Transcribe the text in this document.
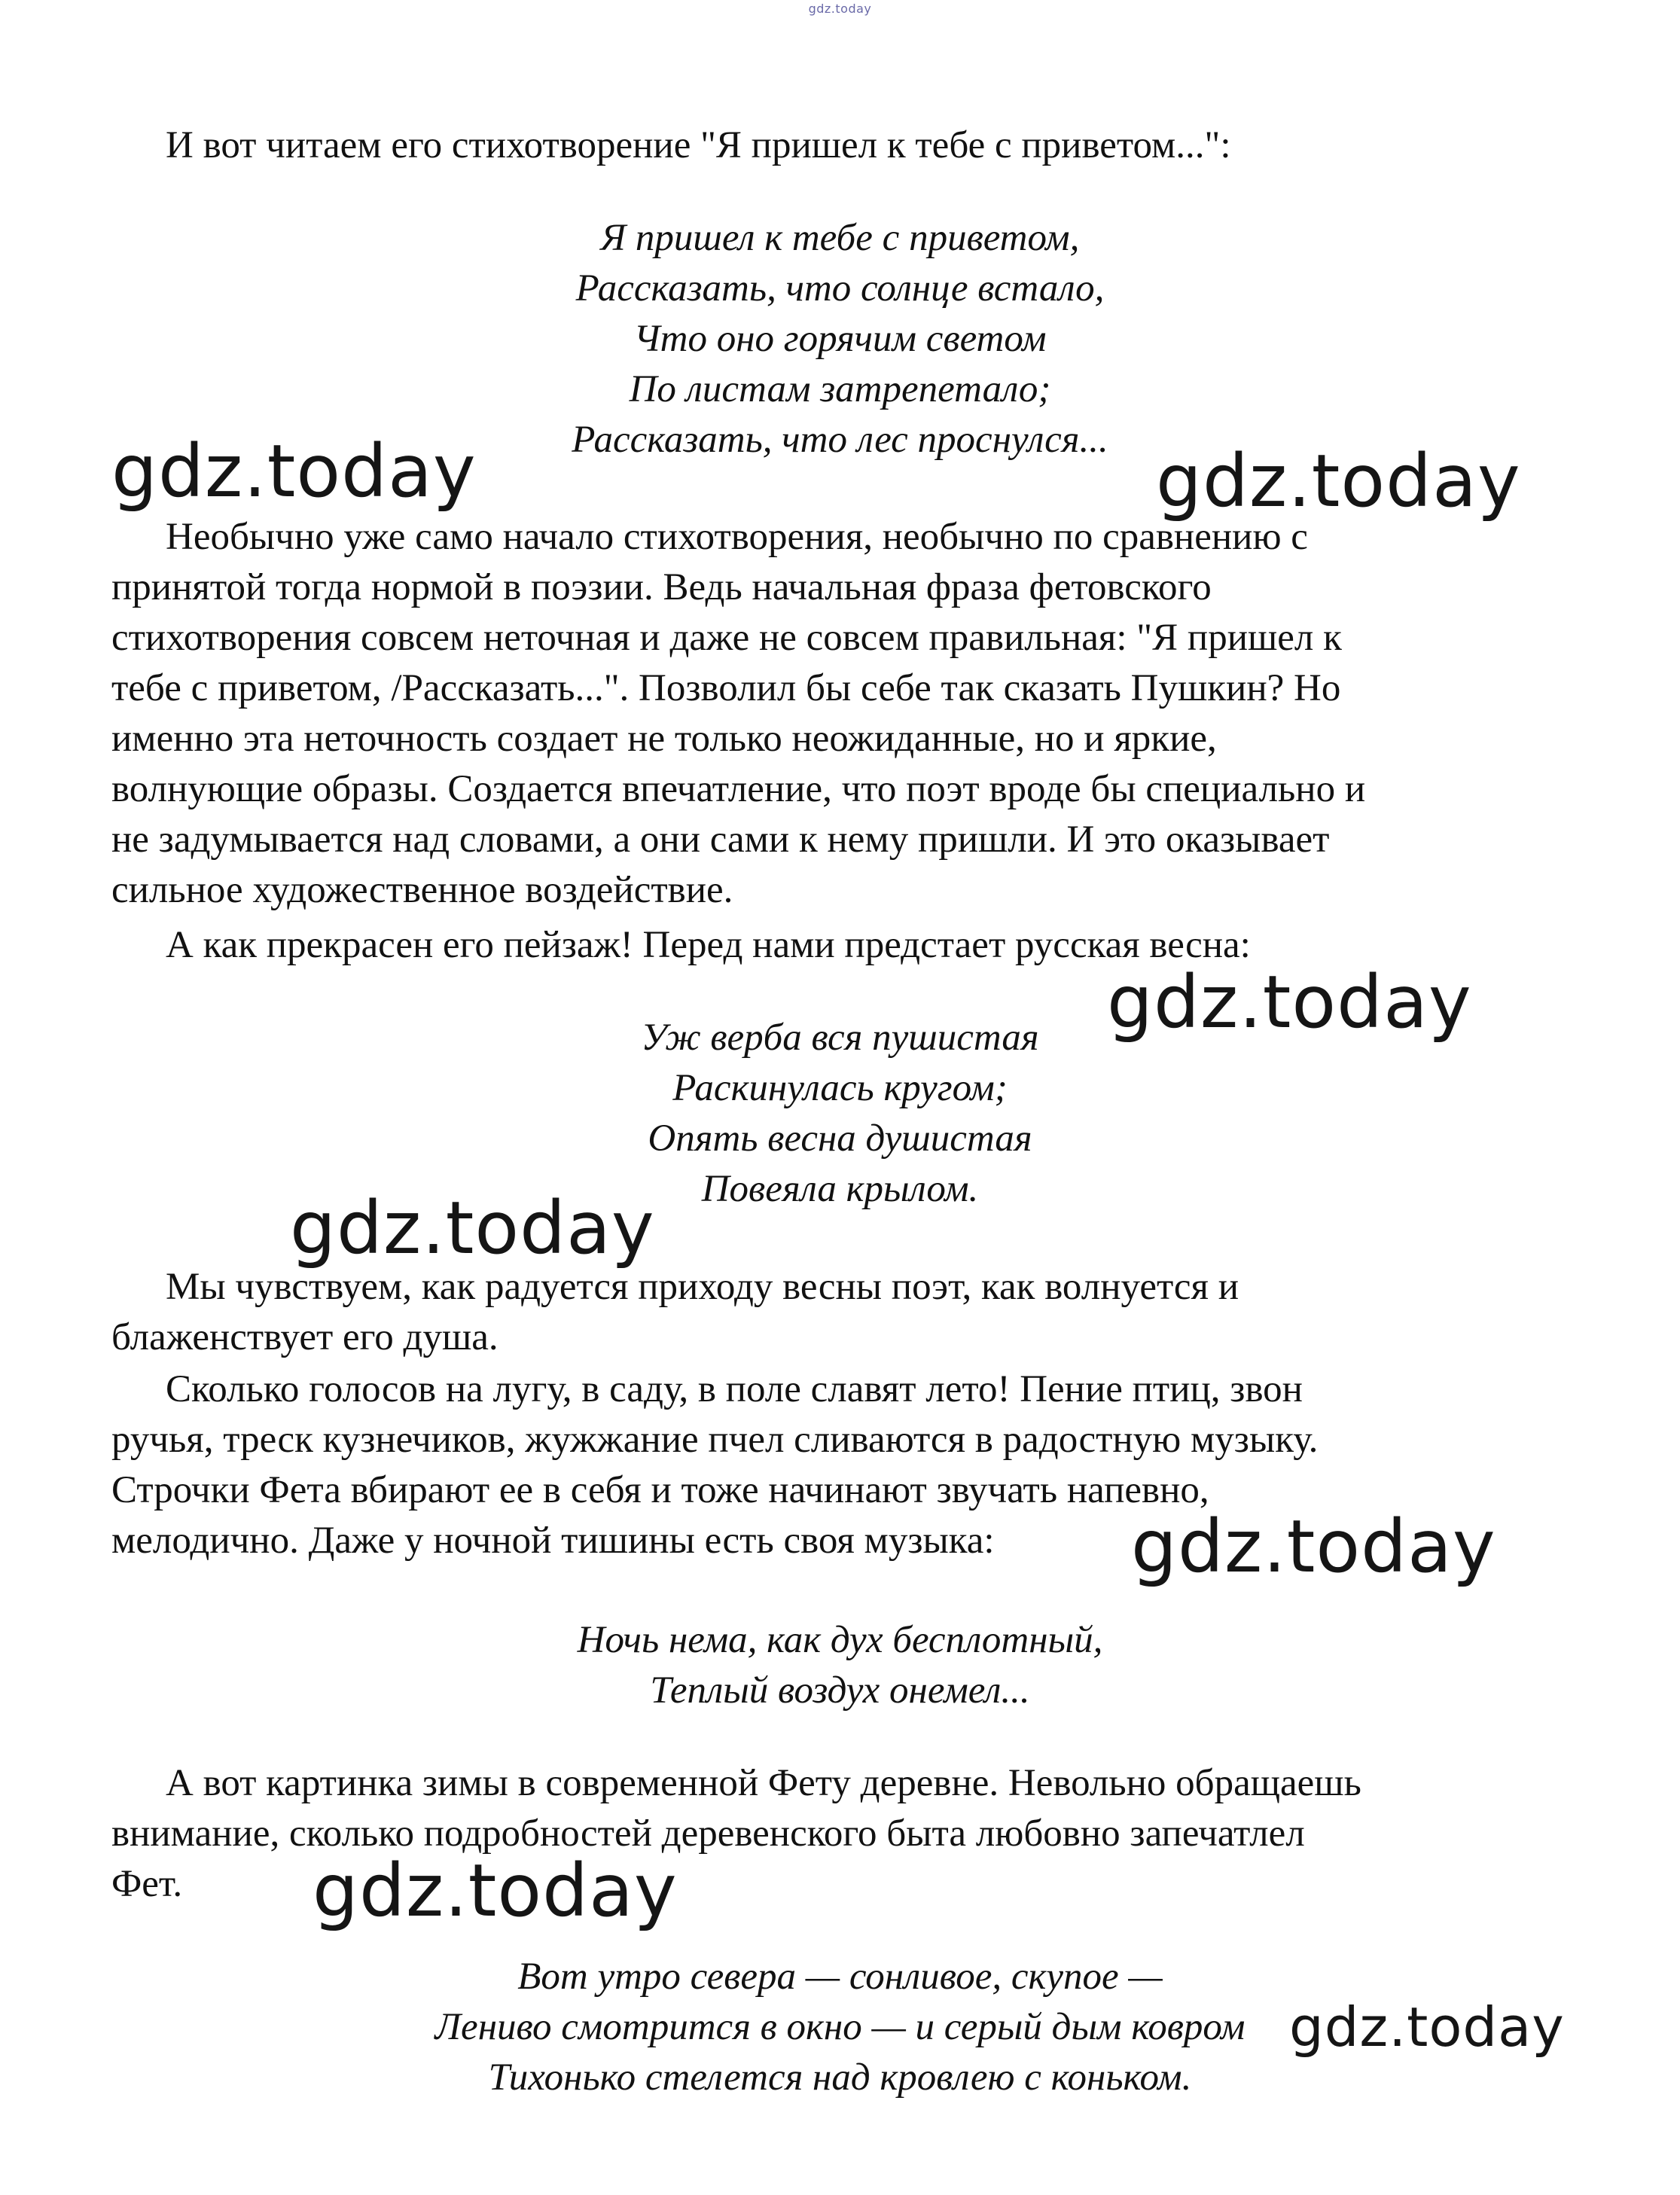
gdz.today

И вот читаем его стихотворение "Я пришел к тебе с приветом...":

Я пришел к тебе с приветом,
Рассказать, что солнце встало,
Что оно горячим светом
По листам затрепетало;
Рассказать, что лес проснулся...

Необычно уже само начало стихотворения, необычно по сравнению с
принятой тогда нормой в поэзии. Ведь начальная фраза фетовского
стихотворения совсем неточная и даже не совсем правильная: "Я пришел к
тебе с приветом, /Рассказать...". Позволил бы себе так сказать Пушкин? Но
именно эта неточность создает не только неожиданные, но и яркие,
волнующие образы. Создается впечатление, что поэт вроде бы специально и
не задумывается над словами, а они сами к нему пришли. И это оказывает
сильное художественное воздействие.

А как прекрасен его пейзаж! Перед нами предстает русская весна:

Уж верба вся пушистая
Раскинулась кругом;
Опять весна душистая
Повеяла крылом.

Мы чувствуем, как радуется приходу весны поэт, как волнуется и
блаженствует его душа.

Сколько голосов на лугу, в саду, в поле славят лето! Пение птиц, звон
ручья, треск кузнечиков, жужжание пчел сливаются в радостную музыку.
Строчки Фета вбирают ее в себя и тоже начинают звучать напевно,
мелодично. Даже у ночной тишины есть своя музыка:

Ночь нема, как дух бесплотный,
Теплый воздух онемел...

А вот картинка зимы в современной Фету деревне. Невольно обращаешь
внимание, сколько подробностей деревенского быта любовно запечатлел
Фет.

Вот утро севера — сонливое, скупое —
Лениво смотрится в окно — и серый дым ковром
Тихонько стелется над кровлею с коньком.
gdz.today	gdz.today
gdz.today
gdz.today
gdz.today
gdz.today
gdz.today
